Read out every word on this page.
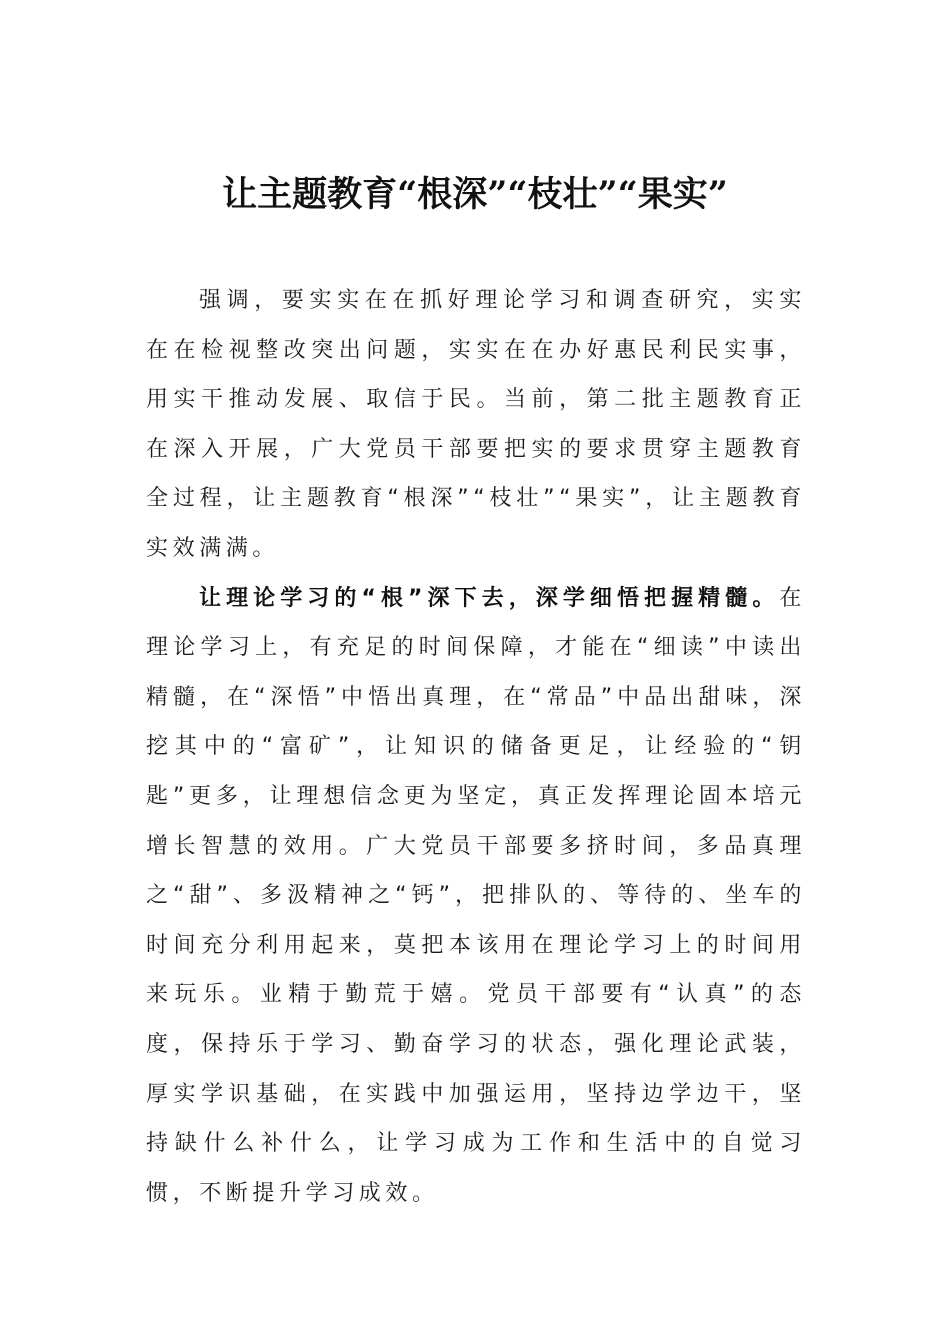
让主题教育“根深”“枝壮”“果实”

强调，要实实在在抓好理论学习和调查研究，实实在在检视整改突出问题，实实在在办好惠民利民实事，用实干推动发展、取信于民。当前，第二批主题教育正在深入开展，广大党员干部要把实的要求贯穿主题教育全过程，让主题教育“根深”“枝壮”“果实”，让主题教育实效满满。

让理论学习的“根”深下去，深学细悟把握精髓。在理论学习上，有充足的时间保障，才能在“细读”中读出精髓，在“深悟”中悟出真理，在“常品”中品出甜味，深挖其中的“富矿”，让知识的储备更足，让经验的“钥匙”更多，让理想信念更为坚定，真正发挥理论固本培元增长智慧的效用。广大党员干部要多挤时间，多品真理之“甜”、多汲精神之“钙”，把排队的、等待的、坐车的时间充分利用起来，莫把本该用在理论学习上的时间用来玩乐。业精于勤荒于嬉。党员干部要有“认真”的态度，保持乐于学习、勤奋学习的状态，强化理论武装，厚实学识基础，在实践中加强运用，坚持边学边干，坚持缺什么补什么，让学习成为工作和生活中的自觉习惯，不断提升学习成效。
